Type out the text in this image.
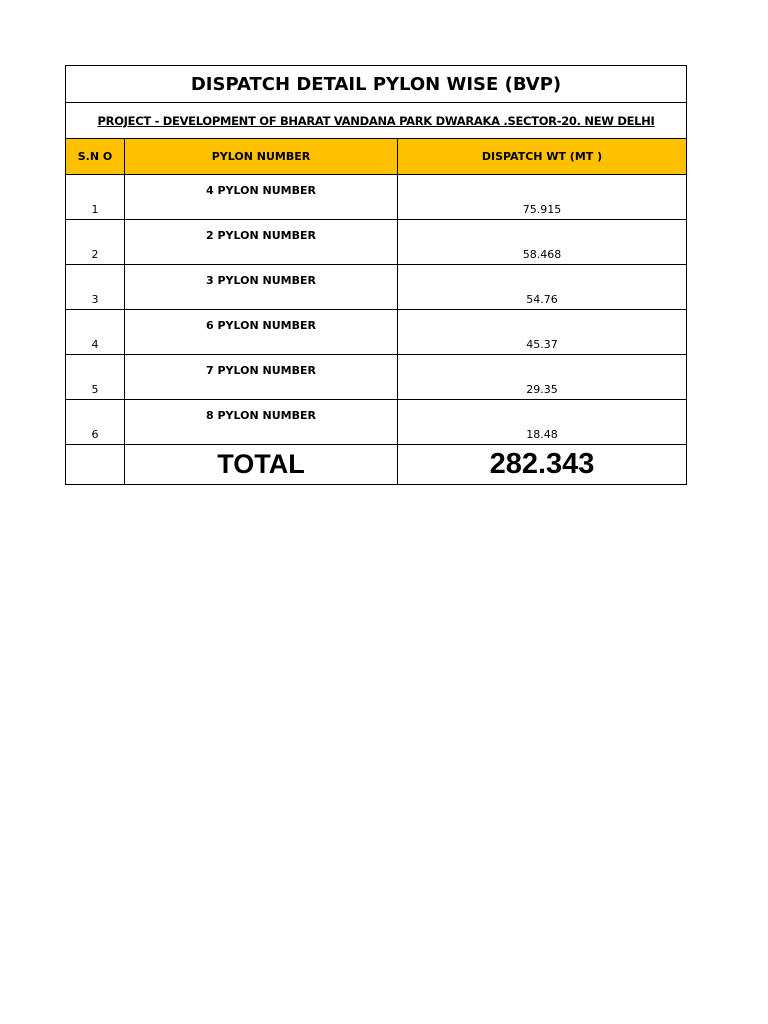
DISPATCH DETAIL PYLON WISE (BVP)		
PROJECT - DEVELOPMENT OF BHARAT VANDANA PARK DWARAKA .SECTOR-20. NEW DELHI		
S.N O	PYLON NUMBER	DISPATCH WT (MT )
1	4 PYLON NUMBER	75.915
2	2 PYLON NUMBER	58.468
3	3 PYLON NUMBER	54.76
4	6 PYLON NUMBER	45.37
5	7 PYLON NUMBER	29.35
6	8 PYLON NUMBER	18.48
	TOTAL	282.343
